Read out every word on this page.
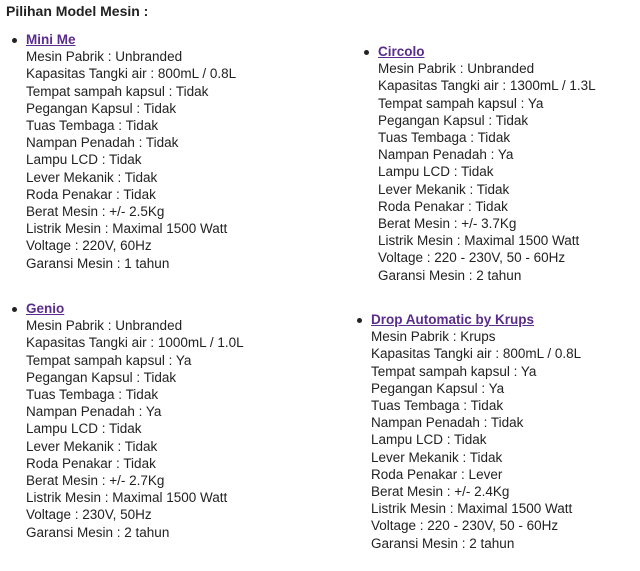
Pilihan Model Mesin :
Mini Me
Mesin Pabrik : Unbranded
Kapasitas Tangki air : 800mL / 0.8L
Tempat sampah kapsul : Tidak
Pegangan Kapsul : Tidak
Tuas Tembaga : Tidak
Nampan Penadah : Tidak
Lampu LCD : Tidak
Lever Mekanik : Tidak
Roda Penakar : Tidak
Berat Mesin : +/- 2.5Kg
Listrik Mesin : Maximal 1500 Watt
Voltage : 220V, 60Hz
Garansi Mesin : 1 tahun
Circolo
Mesin Pabrik : Unbranded
Kapasitas Tangki air : 1300mL / 1.3L
Tempat sampah kapsul : Ya
Pegangan Kapsul : Tidak
Tuas Tembaga : Tidak
Nampan Penadah : Ya
Lampu LCD : Tidak
Lever Mekanik : Tidak
Roda Penakar : Tidak
Berat Mesin : +/- 3.7Kg
Listrik Mesin : Maximal 1500 Watt
Voltage : 220 - 230V, 50 - 60Hz
Garansi Mesin : 2 tahun
Genio
Mesin Pabrik : Unbranded
Kapasitas Tangki air : 1000mL / 1.0L
Tempat sampah kapsul : Ya
Pegangan Kapsul : Tidak
Tuas Tembaga : Tidak
Nampan Penadah : Ya
Lampu LCD : Tidak
Lever Mekanik : Tidak
Roda Penakar : Tidak
Berat Mesin : +/- 2.7Kg
Listrik Mesin : Maximal 1500 Watt
Voltage : 230V, 50Hz
Garansi Mesin : 2 tahun
Drop Automatic by Krups
Mesin Pabrik : Krups
Kapasitas Tangki air : 800mL / 0.8L
Tempat sampah kapsul : Ya
Pegangan Kapsul : Ya
Tuas Tembaga : Tidak
Nampan Penadah : Tidak
Lampu LCD : Tidak
Lever Mekanik : Tidak
Roda Penakar : Lever
Berat Mesin : +/- 2.4Kg
Listrik Mesin : Maximal 1500 Watt
Voltage : 220 - 230V, 50 - 60Hz
Garansi Mesin : 2 tahun
